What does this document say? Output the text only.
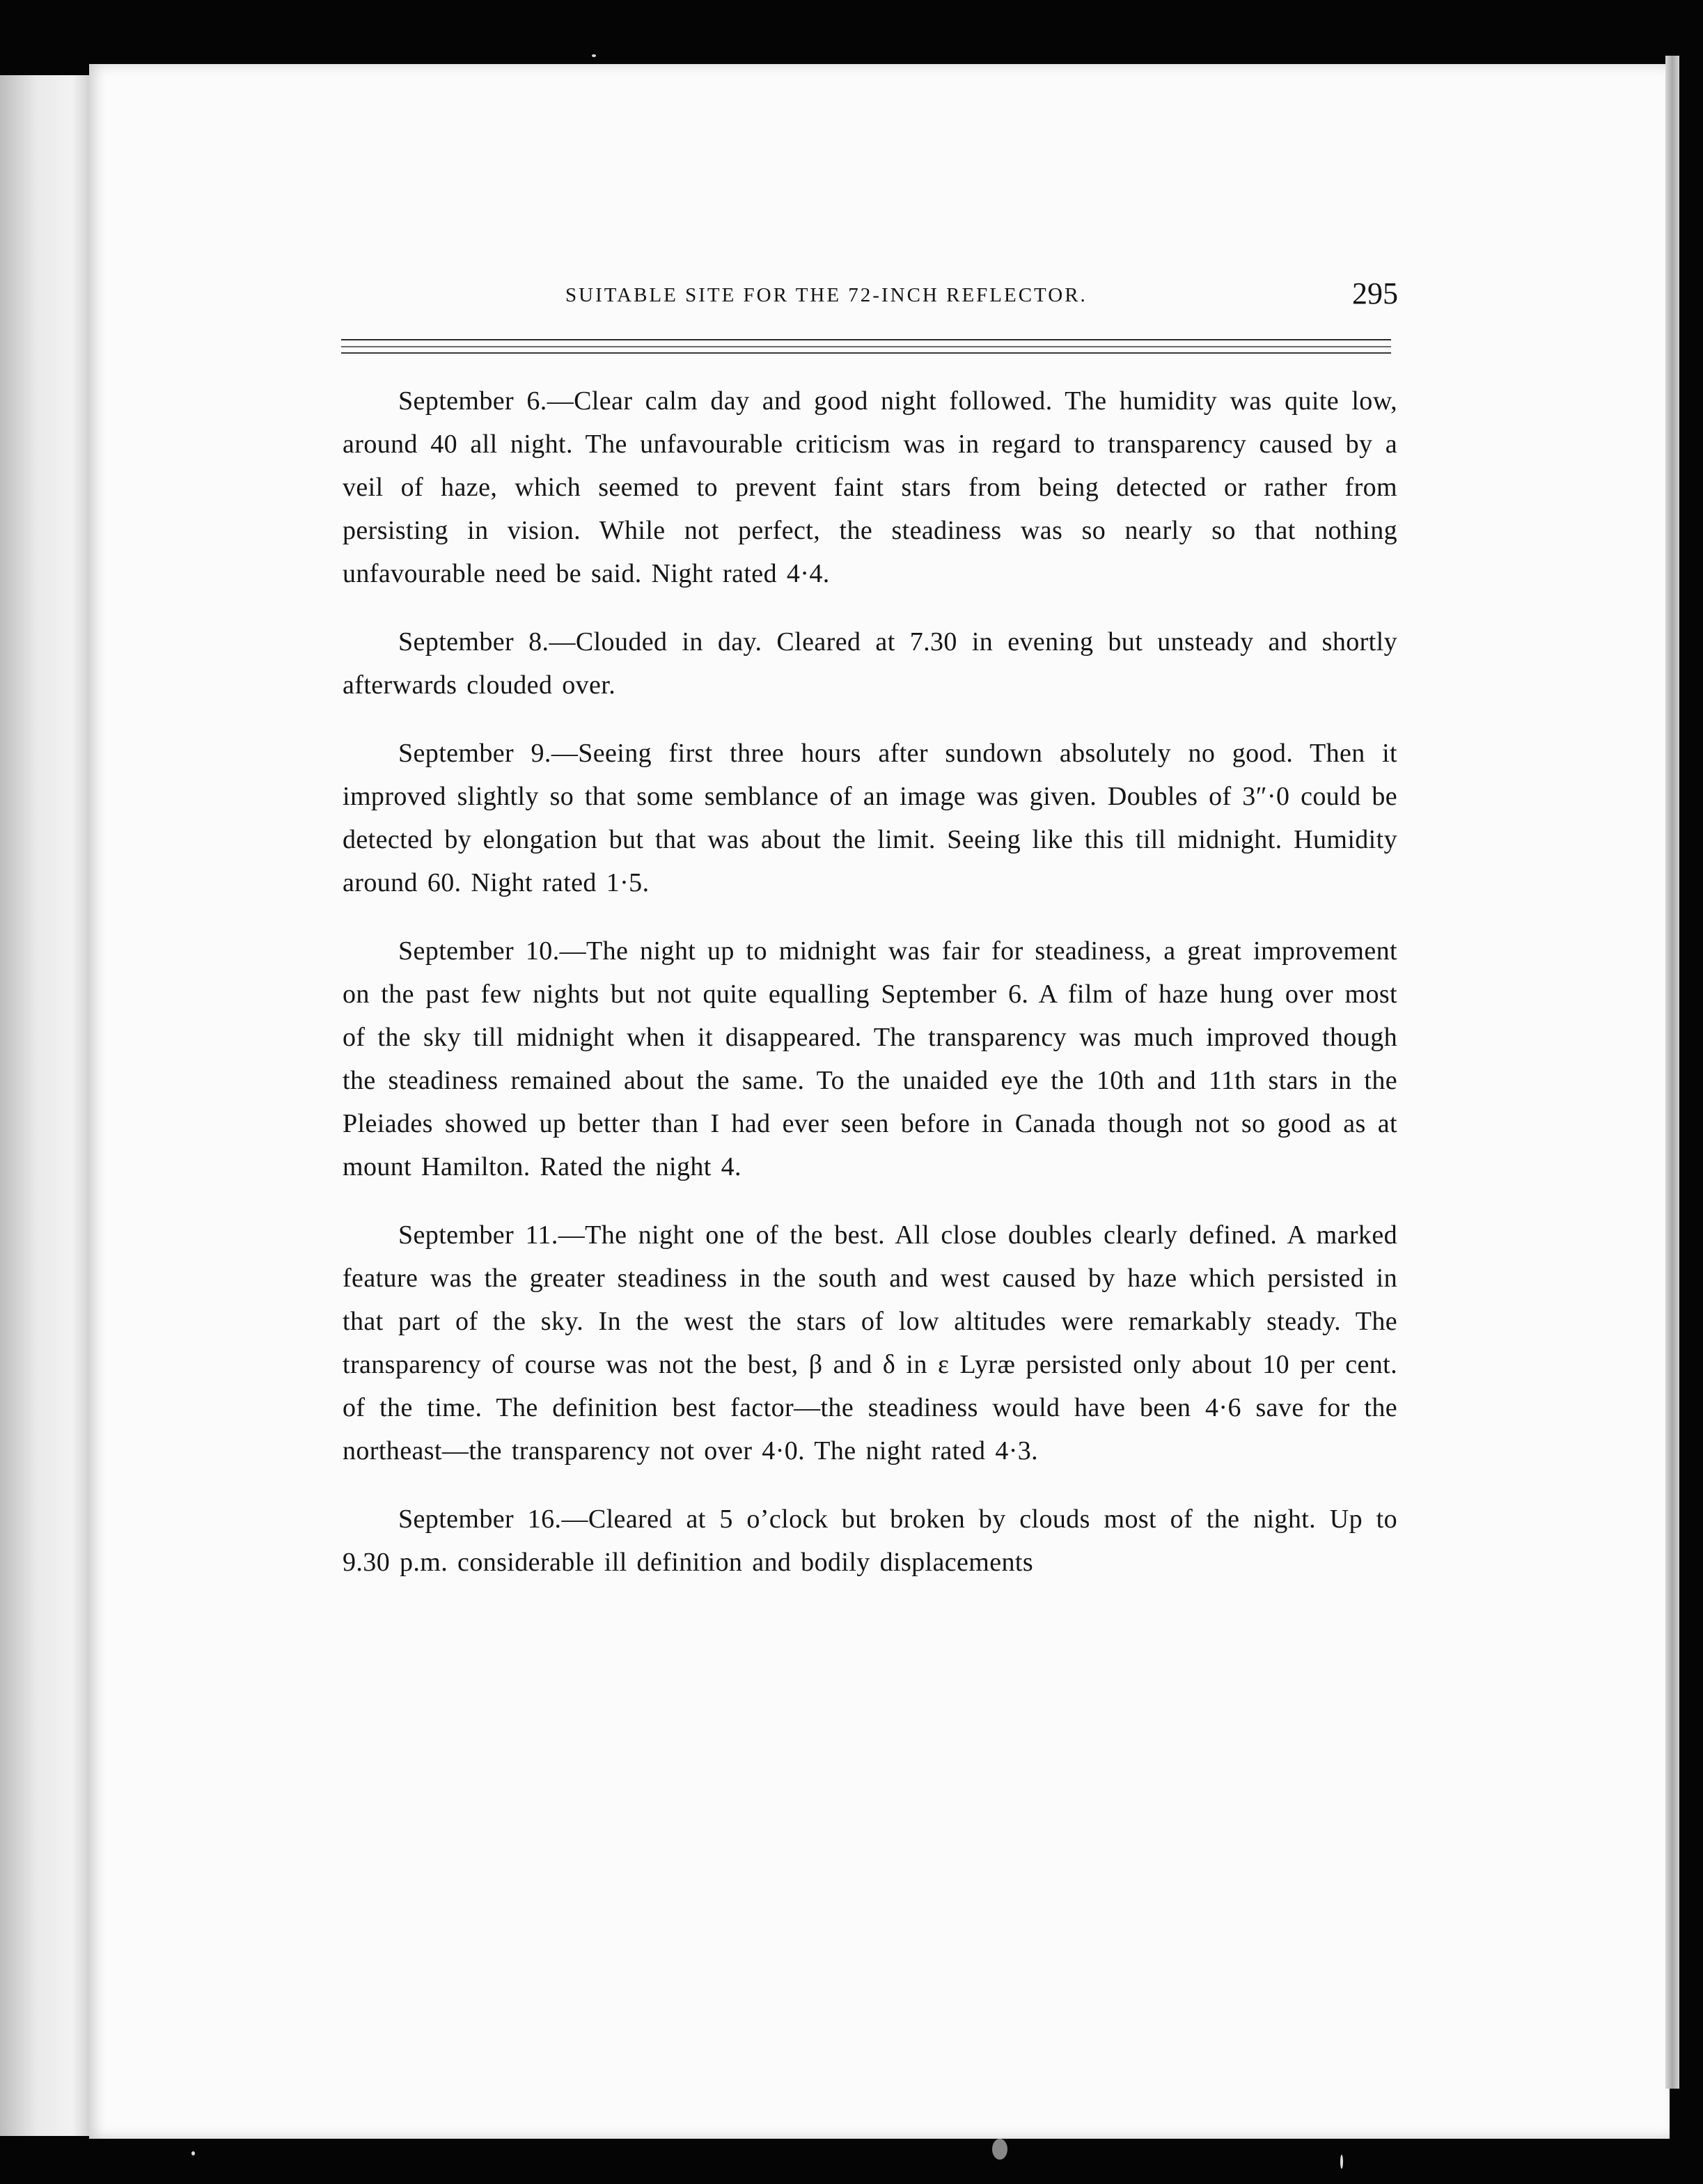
SUITABLE SITE FOR THE 72-INCH REFLECTOR.	295

September 6.—Clear calm day and good night followed. The humidity was quite low, around 40 all night. The unfavourable criticism was in regard to transparency caused by a veil of haze, which seemed to prevent faint stars from being detected or rather from persisting in vision. While not perfect, the steadiness was so nearly so that nothing unfavourable need be said. Night rated 4·4.

September 8.—Clouded in day. Cleared at 7.30 in evening but unsteady and shortly afterwards clouded over.

September 9.—Seeing first three hours after sundown absolutely no good. Then it improved slightly so that some semblance of an image was given. Doubles of 3″·0 could be detected by elongation but that was about the limit. Seeing like this till midnight. Humidity around 60. Night rated 1·5.

September 10.—The night up to midnight was fair for steadiness, a great improvement on the past few nights but not quite equalling September 6. A film of haze hung over most of the sky till midnight when it disappeared. The transparency was much improved though the steadiness remained about the same. To the unaided eye the 10th and 11th stars in the Pleiades showed up better than I had ever seen before in Canada though not so good as at mount Hamilton. Rated the night 4.

September 11.—The night one of the best. All close doubles clearly defined. A marked feature was the greater steadiness in the south and west caused by haze which persisted in that part of the sky. In the west the stars of low altitudes were remarkably steady. The transparency of course was not the best, β and δ in ε Lyræ persisted only about 10 per cent. of the time. The definition best factor—the steadiness would have been 4·6 save for the northeast—the transparency not over 4·0. The night rated 4·3.

September 16.—Cleared at 5 o’clock but broken by clouds most of the night. Up to 9.30 p.m. considerable ill definition and bodily displacements
